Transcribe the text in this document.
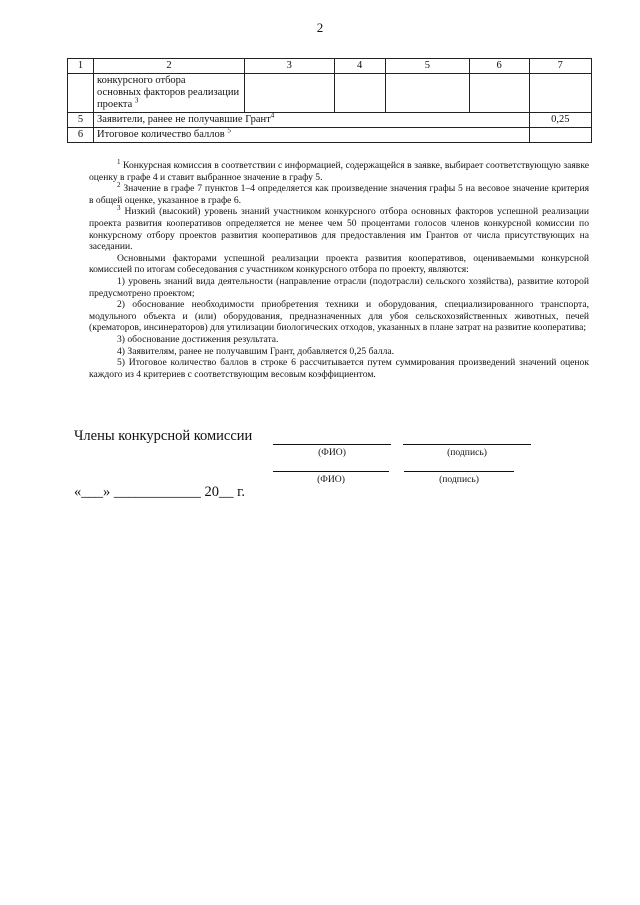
2
1	2	3	4	5	6	7

	конкурсного отбора
основных факторов реализации
проекта $^3$

5	Заявители, ранее не получавшие Грант$^4$					0,25
6	Итоговое количество баллов $^5$	

$^1$ Конкурсная комиссия в соответствии с информацией, содержащейся в заявке, выбирает соответствующую заявке оценку в графе 4 и ставит выбранное значение в графу 5.

$^2$ Значение в графе 7 пунктов 1–4 определяется как произведение значения графы 5 на весовое значение критерия в общей оценке, указанное в графе 6.

$^3$ Низкий (высокий) уровень знаний участником конкурсного отбора основных факторов успешной реализации проекта развития кооперативов определяется не менее чем 50 процентами голосов членов конкурсной комиссии по конкурсному отбору проектов развития кооперативов для предоставления им Грантов от числа присутствующих на заседании.

Основными факторами успешной реализации проекта развития кооперативов, оцениваемыми конкурсной комиссией по итогам собеседования с участником конкурсного отбора по проекту, являются:

1) уровень знаний вида деятельности (направление отрасли (подотрасли) сельского хозяйства), развитие которой предусмотрено проектом;

2) обоснование необходимости приобретения техники и оборудования, специализированного транспорта, модульного объекта и (или) оборудования, предназначенных для убоя сельскохозяйственных животных, печей (крематоров, инсинераторов) для утилизации биологических отходов, указанных в плане затрат на развитие кооператива;

3) обоснование достижения результата.

4) Заявителям, ранее не получавшим Грант, добавляется 0,25 балла.

5) Итоговое количество баллов в строке 6 рассчитывается путем суммирования произведений значений оценок каждого из 4 критериев с соответствующим весовым коэффициентом.

Члены конкурсной комиссии
(ФИО)	(подпись)
(ФИО)	(подпись)
«___» ____________ 20__ г.
